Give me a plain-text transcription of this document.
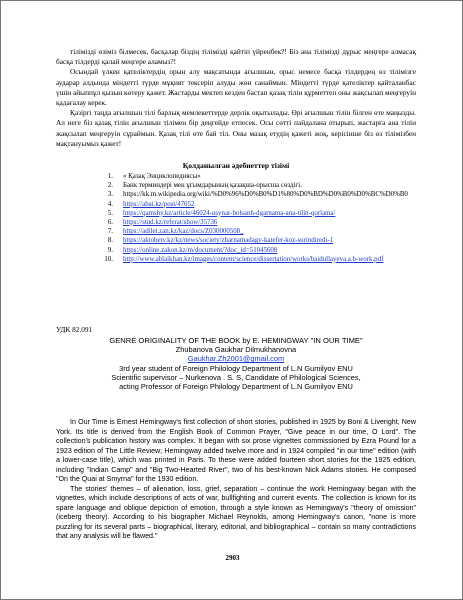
тілімізді өзіміз білмесек, басқалар біздің тілімізді қайтіп үйренбек?! Біз ана тілімізді дұрыс меңгере алмасақ басқа тілдерді қалай меңгере аламыз?!

Осындай үлкен қателіктердің орын алу мақсатында ағылшын, орыс немесе басқа тілдердең өз тілімізге аударар алдында міндетті түрде мұқият тексеріп алуды жөн санаймын. Міндетті түрде қателіктер қайталанбас үшін айыппұл қызын көтеру қажет. Жастарды мектеп кезден бастап қазақ тілін құрметтеп оны жақсылап меңгеруін қадағалау керек.

Қазіргі таңда ағылшын тілі барлық мемлекеттерде дерлік оқытылады. Өрі ағылшын тілін білген өте маңызды. Ал неге біз қазақ тілін ағылшын тілімен бір деңгейде етпесек. Осы сөтті пайдалана отырып, жастарға ана тілін жақсылап меңгеруін сұраймын. Қазақ тілі өте бай тіл. Оны мазақ етудің қажеті жоқ, керісінше біз өз тілімізбен мақтануымыз қажет!

Қолданылған әдебиеттер тізімі
1. « Қазақ Энциклопедиясы»
2. Банк терминдері мен ұғымдарының қазақша-орысша сөздігі.
3. https://kk.m.wikipedia.org/wiki/%D0%96%D0%B0%D1%80%D0%BD%D0%B0%D0%BC%D0%B0
4. https://abai.kz/post/47052
5. https://qamshy.kz/article/46024-usynar-bolsanh-dgarnama-ana-tilin-qorlama/
6. https://stud.kz/referat/show/35736
7. https://adilet.zan.kz/kaz/docs/Z030000508_
8. https://aktobetv.kz/kz/news/society/zharnamadagy-katefer-koz-surindiredi-1
9. https://online.zakon.kz/m/document/?doc_id=51045608
10. http://www.ablaikhan.kz/images/content/science/dissertation/works/baidullayeva.a.b-work.pdf
УДК 82.091
GENRE ORIGINALITY OF THE BOOK by E. HEMINGWAY "IN OUR TIME"
Zhubanova Gaukhar Dilmukhanovna
Gaukhar.Zh2001@gmail.com
3rd year student of Foreign Philology Department of L.N Gumilyov ENU
Scientific supervisor – Nurkenova . S. S, Candidate of Philological Sciences,
acting Professor of Foreign Philology Department of L.N Gumilyov ENU

In Our Time is Ernest Hemingway's first collection of short stories, published in 1925 by Boni & Liveright, New York. Its title is derived from the English Book of Common Prayer, "Give peace in our time, O Lord". The collection's publication history was complex. It began with six prose vignettes commissioned by Ezra Pound for a 1923 edition of The Little Review; Hemingway added twelve more and in 1924 compiled "in our time" edition (with a lower-case title), which was printed in Paris. To these were added fourteen short stories for the 1925 edition, including "Indian Camp" and "Big Two-Hearted River", two of his best-known Nick Adams stories. He composed "On the Quai at Smyrna" for the 1930 edition.

The stories' themes – of alienation, loss, grief, separation – continue the work Hemingway began with the vignettes, which include descriptions of acts of war, bullfighting and current events. The collection is known for its spare language and oblique depiction of emotion, through a style known as Hemingway's "theory of omission" (iceberg theory). According to his biographer Michael Reynolds, among Hemingway's canon, "none is more puzzling for its several parts – biographical, literary, editorial, and bibliographical – contain so many contradictions that any analysis will be flawed."

2903
